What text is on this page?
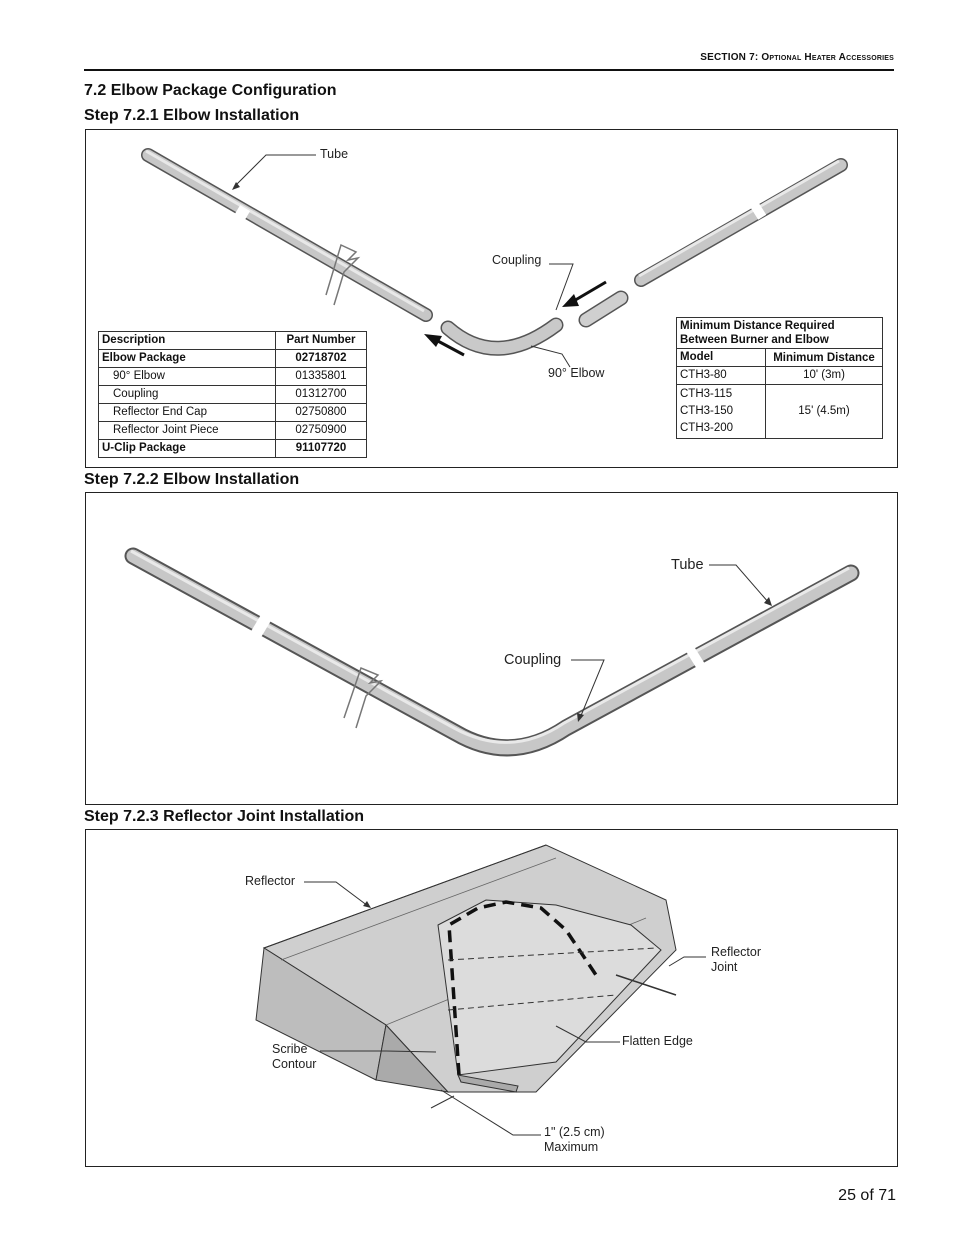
SECTION 7: Optional Heater Accessories
7.2 Elbow Package Configuration
Step 7.2.1 Elbow Installation
Tube
Coupling
90° Elbow
Description	Part Number
Elbow Package	02718702
90° Elbow	01335801
Coupling	01312700
Reflector End Cap	02750800
Reflector Joint Piece	02750900
U-Clip Package	91107720
Minimum Distance Required Between Burner and Elbow	
Model	Minimum Distance
CTH3-80	10' (3m)

CTH3-115
CTH3-150
CTH3-200	15' (4.5m)
Step 7.2.2 Elbow Installation
Tube
Coupling
Step 7.2.3 Reflector Joint Installation
Reflector
Reflector
Joint
Flatten Edge
Scribe
Contour
1" (2.5 cm)
Maximum
25 of 71
